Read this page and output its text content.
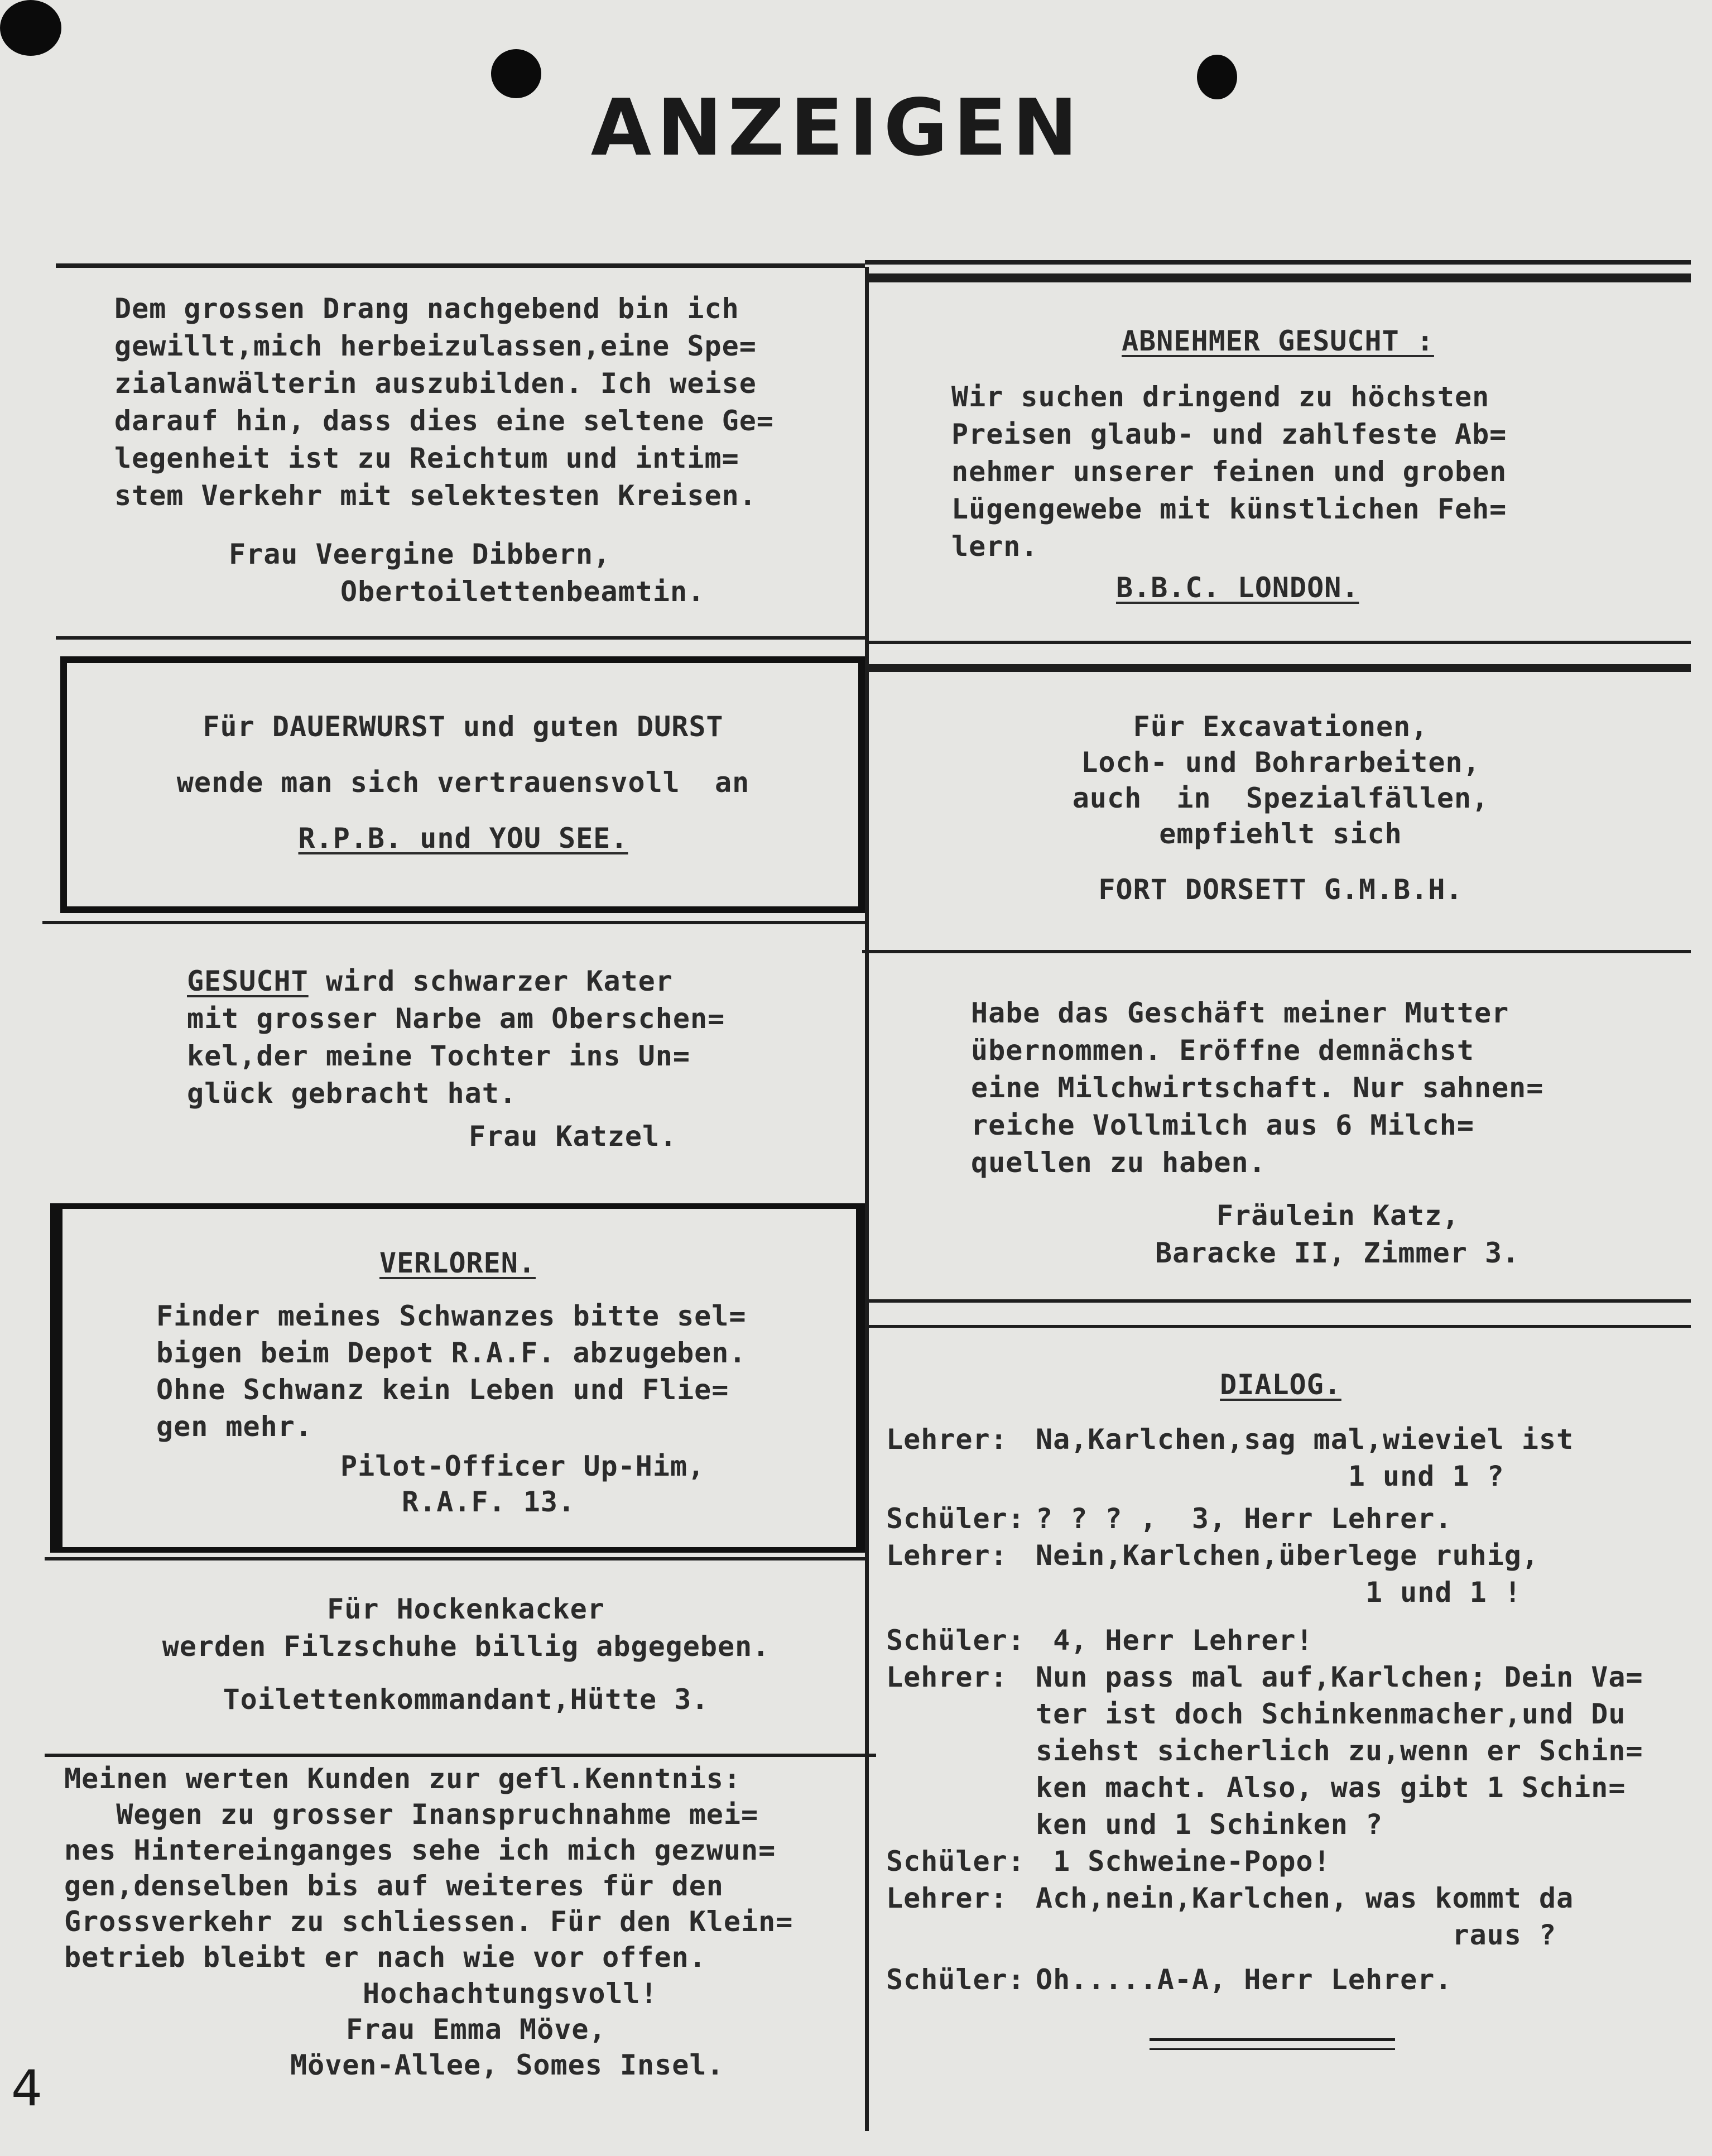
ANZEIGEN
Dem grossen Drang nachgebend bin ich
gewillt,mich herbeizulassen,eine Spe=
zialanwälterin auszubilden. Ich weise
darauf hin, dass dies eine seltene Ge=
legenheit ist zu Reichtum und intim=
stem Verkehr mit selektesten Kreisen.
Frau Veergine Dibbern,
Obertoilettenbeamtin.
ABNEHMER GESUCHT :
Wir suchen dringend zu höchsten
Preisen glaub- und zahlfeste Ab=
nehmer unserer feinen und groben
Lügengewebe mit künstlichen Feh=
lern.
B.B.C. LONDON.
Für DAUERWURST und guten DURST
wende man sich vertrauensvoll  an
R.P.B. und YOU SEE.
Für Excavationen,
Loch- und Bohrarbeiten,
auch  in  Spezialfällen,
empfiehlt sich
FORT DORSETT G.M.B.H.
GESUCHT wird schwarzer Kater
mit grosser Narbe am Oberschen=
kel,der meine Tochter ins Un=
glück gebracht hat.
Frau Katzel.
Habe das Geschäft meiner Mutter
übernommen. Eröffne demnächst
eine Milchwirtschaft. Nur sahnen=
reiche Vollmilch aus 6 Milch=
quellen zu haben.
Fräulein Katz,
Baracke II, Zimmer 3.
VERLOREN.
Finder meines Schwanzes bitte sel=
bigen beim Depot R.A.F. abzugeben.
Ohne Schwanz kein Leben und Flie=
gen mehr.
Pilot-Officer Up-Him,
R.A.F. 13.
Für Hockenkacker
werden Filzschuhe billig abgegeben.
Toilettenkommandant,Hütte 3.
Meinen werten Kunden zur gefl.Kenntnis:
Wegen zu grosser Inanspruchnahme mei=
nes Hintereinganges sehe ich mich gezwun=
gen,denselben bis auf weiteres für den
Grossverkehr zu schliessen. Für den Klein=
betrieb bleibt er nach wie vor offen.
Hochachtungsvoll!
Frau Emma Möve,
Möven-Allee, Somes Insel.
DIALOG.
Lehrer:	Na,Karlchen,sag mal,wieviel ist
1 und 1 ?
Schüler: ? ? ? ,  3, Herr Lehrer.
Lehrer:	Nein,Karlchen,überlege ruhig,
1 und 1 !
Schüler: 4, Herr Lehrer!
Lehrer:	Nun pass mal auf,Karlchen; Dein Va=
ter ist doch Schinkenmacher,und Du
siehst sicherlich zu,wenn er Schin=
ken macht. Also, was gibt 1 Schin=
ken und 1 Schinken ?
Schüler: 1 Schweine-Popo!
Lehrer:	Ach,nein,Karlchen, was kommt da
raus ?
Schüler: Oh.....A-A, Herr Lehrer.
4
